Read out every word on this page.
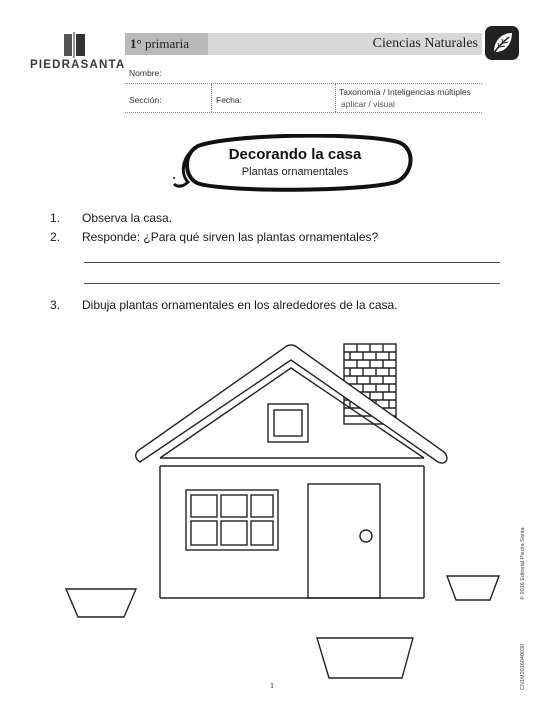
PIEDRASANTA
1° primaria	Ciencias Naturales
Nombre:
Sección:	Fecha:
Taxonomía / Inteligencias múltiples
aplicar / visual
Decorando la casa
Plantas ornamentales
1. Observa la casa.
2. Responde: ¿Para qué sirven las plantas ornamentales?
3. Dibuja plantas ornamentales en los alrededores de la casa.
© 2016 Editorial Piedra Santa
CN1M2016040030
1
